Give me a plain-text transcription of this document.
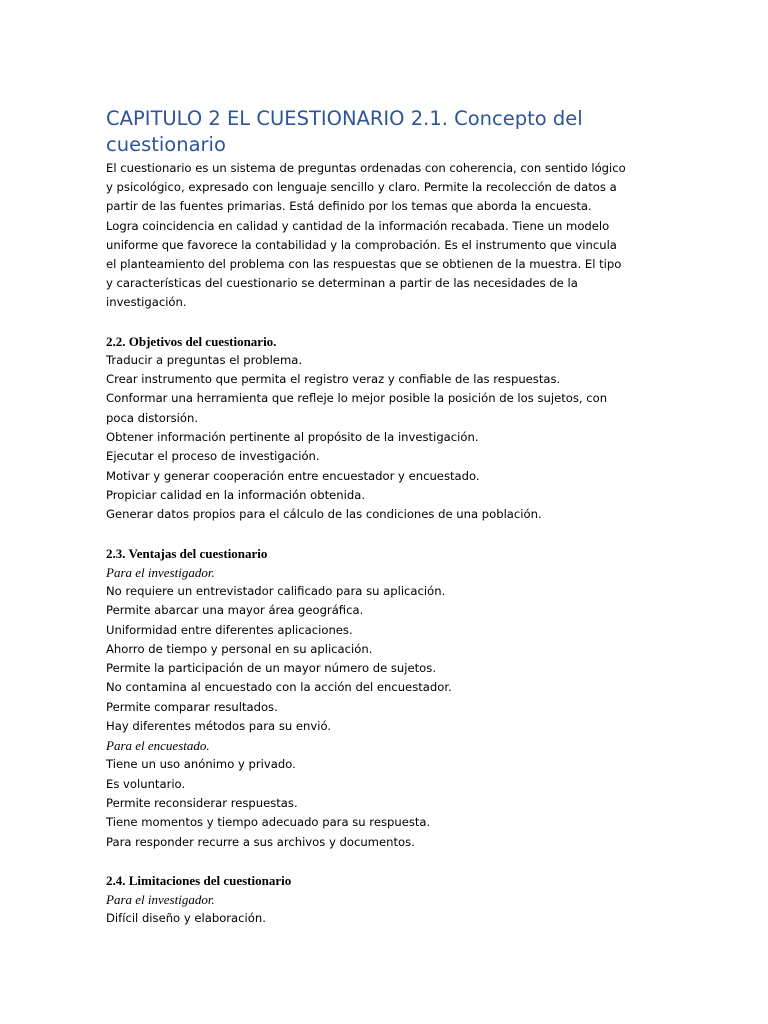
CAPITULO 2 EL CUESTIONARIO 2.1. Concepto del cuestionario

El cuestionario es un sistema de preguntas ordenadas con coherencia, con sentido lógico y psicológico, expresado con lenguaje sencillo y claro. Permite la recolección de datos a partir de las fuentes primarias. Está definido por los temas que aborda la encuesta. Logra coincidencia en calidad y cantidad de la información recabada. Tiene un modelo uniforme que favorece la contabilidad y la comprobación. Es el instrumento que vincula el planteamiento del problema con las respuestas que se obtienen de la muestra. El tipo y características del cuestionario se determinan a partir de las necesidades de la investigación.

2.2. Objetivos del cuestionario.

Traducir a preguntas el problema.

Crear instrumento que permita el registro veraz y confiable de las respuestas.

Conformar una herramienta que refleje lo mejor posible la posición de los sujetos, con poca distorsión.

Obtener información pertinente al propósito de la investigación.

Ejecutar el proceso de investigación.

Motivar y generar cooperación entre encuestador y encuestado.

Propiciar calidad en la información obtenida.

Generar datos propios para el cálculo de las condiciones de una población.

2.3. Ventajas del cuestionario

Para el investigador.

No requiere un entrevistador calificado para su aplicación.

Permite abarcar una mayor área geográfica.

Uniformidad entre diferentes aplicaciones.

Ahorro de tiempo y personal en su aplicación.

Permite la participación de un mayor número de sujetos.

No contamina al encuestado con la acción del encuestador.

Permite comparar resultados.

Hay diferentes métodos para su envió.

Para el encuestado.

Tiene un uso anónimo y privado.

Es voluntario.

Permite reconsiderar respuestas.

Tiene momentos y tiempo adecuado para su respuesta.

Para responder recurre a sus archivos y documentos.

2.4. Limitaciones del cuestionario

Para el investigador.

Difícil diseño y elaboración.
